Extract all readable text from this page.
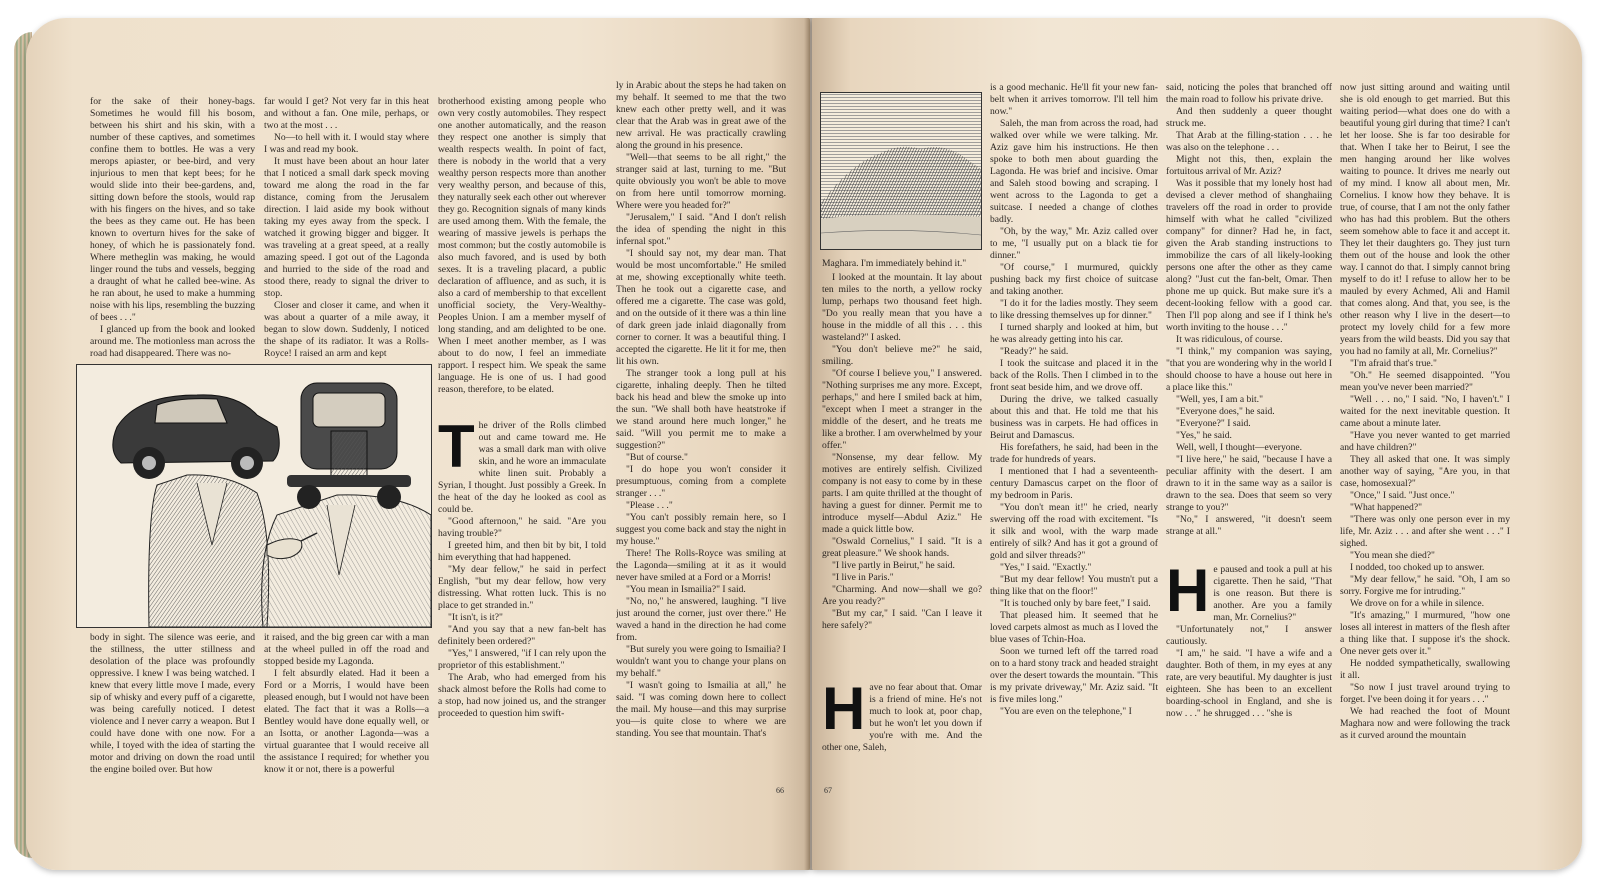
for the sake of their honey-bags. Sometimes he would fill his bosom, between his shirt and his skin, with a number of these captives, and sometimes confine them to bottles. He was a very merops apiaster, or bee-bird, and very injurious to men that kept bees; for he would slide into their bee-gardens, and, sitting down before the stools, would rap with his fingers on the hives, and so take the bees as they came out. He has been known to overturn hives for the sake of honey, of which he is passionately fond. Where metheglin was making, he would linger round the tubs and vessels, begging a draught of what he called bee-wine. As he ran about, he used to make a humming noise with his lips, resembling the buzzing of bees . . ."

I glanced up from the book and looked around me. The motionless man across the road had disappeared. There was no-

far would I get? Not very far in this heat and without a fan. One mile, perhaps, or two at the most . . .

No—to hell with it. I would stay where I was and read my book.

It must have been about an hour later that I noticed a small dark speck moving toward me along the road in the far distance, coming from the Jerusalem direction. I laid aside my book without taking my eyes away from the speck. I watched it growing bigger and bigger. It was traveling at a great speed, at a really amazing speed. I got out of the Lagonda and hurried to the side of the road and stood there, ready to signal the driver to stop.

Closer and closer it came, and when it was about a quarter of a mile away, it began to slow down. Suddenly, I noticed the shape of its radiator. It was a Rolls-Royce! I raised an arm and kept

brotherhood existing among people who own very costly automobiles. They respect one another automatically, and the reason they respect one another is simply that wealth respects wealth. In point of fact, there is nobody in the world that a very wealthy person respects more than another very wealthy person, and because of this, they naturally seek each other out wherever they go. Recognition signals of many kinds are used among them. With the female, the wearing of massive jewels is perhaps the most common; but the costly automobile is also much favored, and is used by both sexes. It is a traveling placard, a public declaration of affluence, and as such, it is also a card of membership to that excellent unofficial society, the Very-Wealthy-Peoples Union. I am a member myself of long standing, and am delighted to be one. When I meet another member, as I was about to do now, I feel an immediate rapport. I respect him. We speak the same language. He is one of us. I had good reason, therefore, to be elated.

The driver of the Rolls climbed out and came toward me. He was a small dark man with olive skin, and he wore an immaculate white linen suit. Probably a Syrian, I thought. Just possibly a Greek. In the heat of the day he looked as cool as could be.

"Good afternoon," he said. "Are you having trouble?"

I greeted him, and then bit by bit, I told him everything that had happened.

"My dear fellow," he said in perfect English, "but my dear fellow, how very distressing. What rotten luck. This is no place to get stranded in."

"It isn't, is it?"

"And you say that a new fan-belt has definitely been ordered?"

"Yes," I answered, "if I can rely upon the proprietor of this establishment."

The Arab, who had emerged from his shack almost before the Rolls had come to a stop, had now joined us, and the stranger proceeded to question him swift-

ly in Arabic about the steps he had taken on my behalf. It seemed to me that the two knew each other pretty well, and it was clear that the Arab was in great awe of the new arrival. He was practically crawling along the ground in his presence.

"Well—that seems to be all right," the stranger said at last, turning to me. "But quite obviously you won't be able to move on from here until tomorrow morning. Where were you headed for?"

"Jerusalem," I said. "And I don't relish the idea of spending the night in this infernal spot."

"I should say not, my dear man. That would be most uncomfortable." He smiled at me, showing exceptionally white teeth. Then he took out a cigarette case, and offered me a cigarette. The case was gold, and on the outside of it there was a thin line of dark green jade inlaid diagonally from corner to corner. It was a beautiful thing. I accepted the cigarette. He lit it for me, then lit his own.

The stranger took a long pull at his cigarette, inhaling deeply. Then he tilted back his head and blew the smoke up into the sun. "We shall both have heatstroke if we stand around here much longer," he said. "Will you permit me to make a suggestion?"

"But of course."

"I do hope you won't consider it presumptuous, coming from a complete stranger . . ."

"Please . . ."

"You can't possibly remain here, so I suggest you come back and stay the night in my house."

There! The Rolls-Royce was smiling at the Lagonda—smiling at it as it would never have smiled at a Ford or a Morris!

"You mean in Ismailia?" I said.

"No, no," he answered, laughing. "I live just around the corner, just over there." He waved a hand in the direction he had come from.

"But surely you were going to Ismailia? I wouldn't want you to change your plans on my behalf."

"I wasn't going to Ismailia at all," he said. "I was coming down here to collect the mail. My house—and this may surprise you—is quite close to where we are standing. You see that mountain. That's

body in sight. The silence was eerie, and the stillness, the utter stillness and desolation of the place was profoundly oppressive. I knew I was being watched. I knew that every little move I made, every sip of whisky and every puff of a cigarette, was being carefully noticed. I detest violence and I never carry a weapon. But I could have done with one now. For a while, I toyed with the idea of starting the motor and driving on down the road until the engine boiled over. But how

it raised, and the big green car with a man at the wheel pulled in off the road and stopped beside my Lagonda.

I felt absurdly elated. Had it been a Ford or a Morris, I would have been pleased enough, but I would not have been elated. The fact that it was a Rolls—a Bentley would have done equally well, or an Isotta, or another Lagonda—was a virtual guarantee that I would receive all the assistance I required; for whether you know it or not, there is a powerful

66

Maghara. I'm immediately behind it."

I looked at the mountain. It lay about ten miles to the north, a yellow rocky lump, perhaps two thousand feet high. "Do you really mean that you have a house in the middle of all this . . . this wasteland?" I asked.

"You don't believe me?" he said, smiling.

"Of course I believe you," I answered. "Nothing surprises me any more. Except, perhaps," and here I smiled back at him, "except when I meet a stranger in the middle of the desert, and he treats me like a brother. I am overwhelmed by your offer."

"Nonsense, my dear fellow. My motives are entirely selfish. Civilized company is not easy to come by in these parts. I am quite thrilled at the thought of having a guest for dinner. Permit me to introduce myself—Abdul Aziz." He made a quick little bow.

"Oswald Cornelius," I said. "It is a great pleasure." We shook hands.

"I live partly in Beirut," he said.

"I live in Paris."

"Charming. And now—shall we go? Are you ready?"

"But my car," I said. "Can I leave it here safely?"

Have no fear about that. Omar is a friend of mine. He's not much to look at, poor chap, but he won't let you down if you're with me. And the other one, Saleh,

is a good mechanic. He'll fit your new fan-belt when it arrives tomorrow. I'll tell him now."

Saleh, the man from across the road, had walked over while we were talking. Mr. Aziz gave him his instructions. He then spoke to both men about guarding the Lagonda. He was brief and incisive. Omar and Saleh stood bowing and scraping. I went across to the Lagonda to get a suitcase. I needed a change of clothes badly.

"Oh, by the way," Mr. Aziz called over to me, "I usually put on a black tie for dinner."

"Of course," I murmured, quickly pushing back my first choice of suitcase and taking another.

"I do it for the ladies mostly. They seem to like dressing themselves up for dinner."

I turned sharply and looked at him, but he was already getting into his car.

"Ready?" he said.

I took the suitcase and placed it in the back of the Rolls. Then I climbed in to the front seat beside him, and we drove off.

During the drive, we talked casually about this and that. He told me that his business was in carpets. He had offices in Beirut and Damascus.

His forefathers, he said, had been in the trade for hundreds of years.

I mentioned that I had a seventeenth-century Damascus carpet on the floor of my bedroom in Paris.

"You don't mean it!" he cried, nearly swerving off the road with excitement. "Is it silk and wool, with the warp made entirely of silk? And has it got a ground of gold and silver threads?"

"Yes," I said. "Exactly."

"But my dear fellow! You mustn't put a thing like that on the floor!"

"It is touched only by bare feet," I said.

That pleased him. It seemed that he loved carpets almost as much as I loved the blue vases of Tchin-Hoa.

Soon we turned left off the tarred road on to a hard stony track and headed straight over the desert towards the mountain. "This is my private driveway," Mr. Aziz said. "It is five miles long."

"You are even on the telephone," I

said, noticing the poles that branched off the main road to follow his private drive.

And then suddenly a queer thought struck me.

That Arab at the filling-station . . . he was also on the telephone . . .

Might not this, then, explain the fortuitous arrival of Mr. Aziz?

Was it possible that my lonely host had devised a clever method of shanghaiing travelers off the road in order to provide himself with what he called "civilized company" for dinner? Had he, in fact, given the Arab standing instructions to immobilize the cars of all likely-looking persons one after the other as they came along? "Just cut the fan-belt, Omar. Then phone me up quick. But make sure it's a decent-looking fellow with a good car. Then I'll pop along and see if I think he's worth inviting to the house . . ."

It was ridiculous, of course.

"I think," my companion was saying, "that you are wondering why in the world I should choose to have a house out here in a place like this."

"Well, yes, I am a bit."

"Everyone does," he said.

"Everyone?" I said.

"Yes," he said.

Well, well, I thought—everyone.

"I live here," he said, "because I have a peculiar affinity with the desert. I am drawn to it in the same way as a sailor is drawn to the sea. Does that seem so very strange to you?"

"No," I answered, "it doesn't seem strange at all."

He paused and took a pull at his cigarette. Then he said, "That is one reason. But there is another. Are you a family man, Mr. Cornelius?"

"Unfortunately not," I answer cautiously.

"I am," he said. "I have a wife and a daughter. Both of them, in my eyes at any rate, are very beautiful. My daughter is just eighteen. She has been to an excellent boarding-school in England, and she is now . . ." he shrugged . . . "she is

now just sitting around and waiting until she is old enough to get married. But this waiting period—what does one do with a beautiful young girl during that time? I can't let her loose. She is far too desirable for that. When I take her to Beirut, I see the men hanging around her like wolves waiting to pounce. It drives me nearly out of my mind. I know all about men, Mr. Cornelius. I know how they behave. It is true, of course, that I am not the only father who has had this problem. But the others seem somehow able to face it and accept it. They let their daughters go. They just turn them out of the house and look the other way. I cannot do that. I simply cannot bring myself to do it! I refuse to allow her to be mauled by every Achmed, Ali and Hamil that comes along. And that, you see, is the other reason why I live in the desert—to protect my lovely child for a few more years from the wild beasts. Did you say that you had no family at all, Mr. Cornelius?"

"I'm afraid that's true."

"Oh." He seemed disappointed. "You mean you've never been married?"

"Well . . . no," I said. "No, I haven't." I waited for the next inevitable question. It came about a minute later.

"Have you never wanted to get married and have children?"

They all asked that one. It was simply another way of saying, "Are you, in that case, homosexual?"

"Once," I said. "Just once."

"What happened?"

"There was only one person ever in my life, Mr. Aziz . . . and after she went . . ." I sighed.

"You mean she died?"

I nodded, too choked up to answer.

"My dear fellow," he said. "Oh, I am so sorry. Forgive me for intruding."

We drove on for a while in silence.

"It's amazing," I murmured, "how one loses all interest in matters of the flesh after a thing like that. I suppose it's the shock. One never gets over it."

He nodded sympathetically, swallowing it all.

"So now I just travel around trying to forget. I've been doing it for years . . ."

We had reached the foot of Mount Maghara now and were following the track as it curved around the mountain

67
